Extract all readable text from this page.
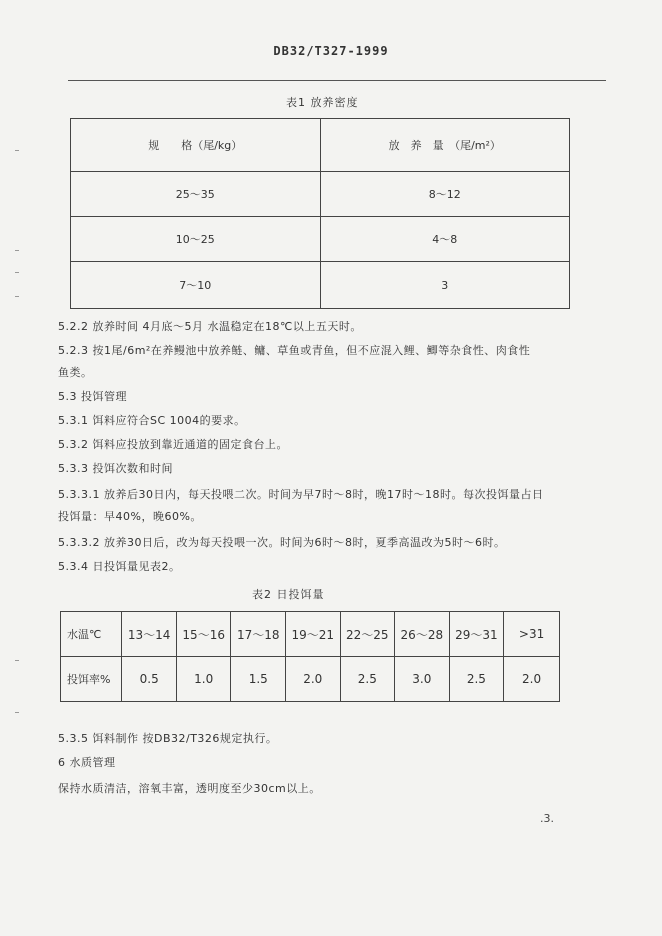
DB32/T327-1999
表1 放养密度
规　　格（尾/kg）	放　养　量　（尾/m²）
25～35	8～12
10～25	4～8
7～10	3
5.2.2 放养时间 4月底～5月 水温稳定在18℃以上五天时。
5.2.3 按1尾/6m²在养鳗池中放养鲢、鳙、草鱼或青鱼，但不应混入鲤、鲫等杂食性、肉食性
鱼类。
5.3 投饵管理
5.3.1 饵料应符合SC 1004的要求。
5.3.2 饵料应投放到靠近通道的固定食台上。
5.3.3 投饵次数和时间
5.3.3.1 放养后30日内，每天投喂二次。时间为早7时～8时，晚17时～18时。每次投饵量占日
投饵量：早40%，晚60%。
5.3.3.2 放养30日后，改为每天投喂一次。时间为6时～8时，夏季高温改为5时～6时。
5.3.4 日投饵量见表2。
表2 日投饵量
水温℃	13～14	15～16	17～18	19～21	22～25	26～28	29～31	>31
投饵率%	0.5	1.0	1.5	2.0	2.5	3.0	2.5	2.0
5.3.5 饵料制作 按DB32/T326规定执行。
6 水质管理
保持水质清洁，溶氧丰富，透明度至少30cm以上。
.3.
